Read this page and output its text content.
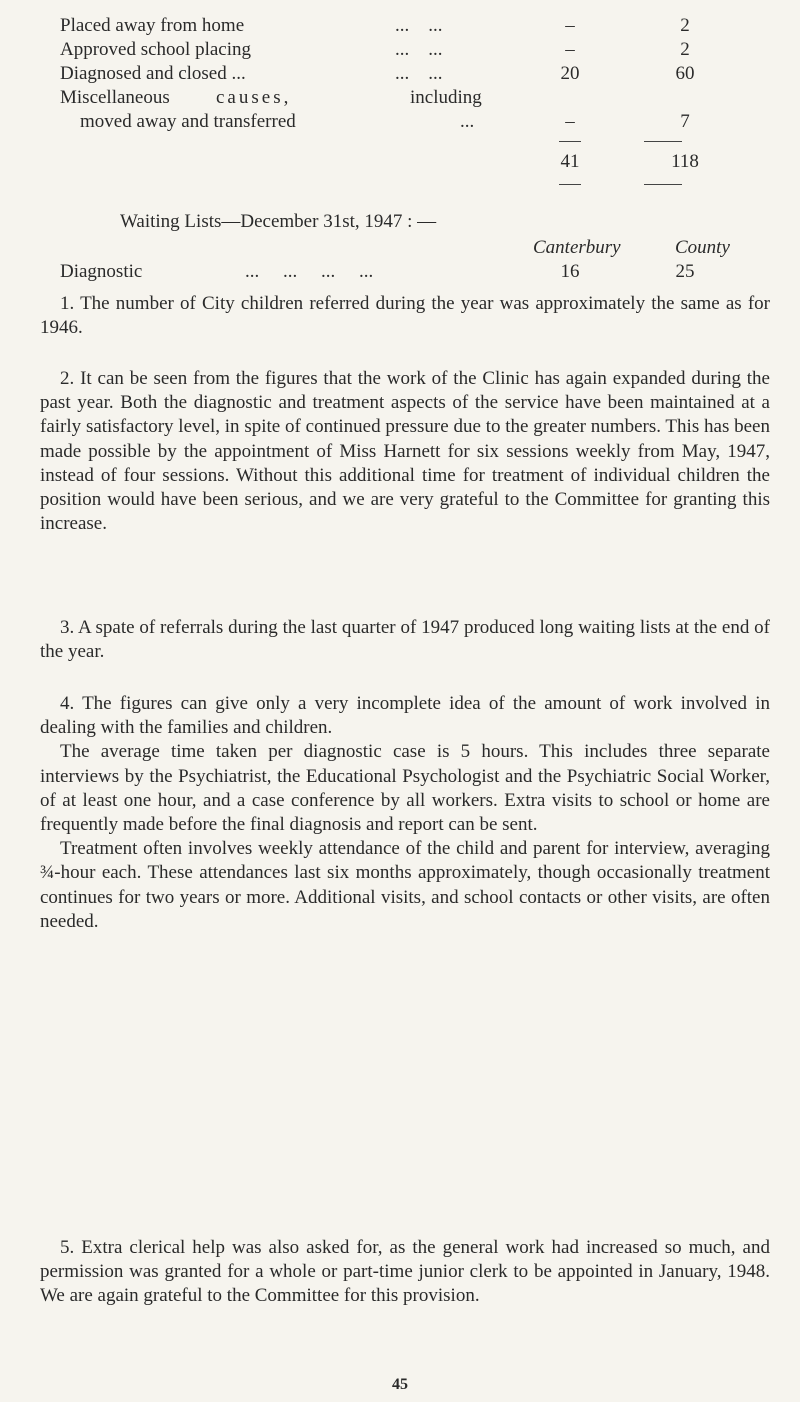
Placed away from home	...    ...	–	2
Approved school placing	...    ...	–	2
Diagnosed and closed ...	...    ...	20	60
Miscellaneous causes,	including
moved away and transferred	...	–	7
41	118
Waiting Lists—December 31st, 1947 : —
Canterbury	County
Diagnostic	...     ...     ...     ...	16	25

1. The number of City children referred during the year was approximately the same as for 1946.

2. It can be seen from the figures that the work of the Clinic has again expanded during the past year. Both the diagnostic and treatment aspects of the service have been maintained at a fairly satisfactory level, in spite of continued pressure due to the greater numbers. This has been made possible by the appointment of Miss Harnett for six sessions weekly from May, 1947, instead of four sessions. Without this additional time for treatment of individual children the position would have been serious, and we are very grateful to the Committee for granting this increase.

3. A spate of referrals during the last quarter of 1947 produced long waiting lists at the end of the year.

4. The figures can give only a very incomplete idea of the amount of work involved in dealing with the families and children.

The average time taken per diagnostic case is 5 hours. This includes three separate interviews by the Psychiatrist, the Educational Psychologist and the Psychiatric Social Worker, of at least one hour, and a case conference by all workers. Extra visits to school or home are frequently made before the final diagnosis and report can be sent.

Treatment often involves weekly attendance of the child and parent for interview, averaging ¾-hour each. These attendances last six months approximately, though occasionally treatment continues for two years or more. Additional visits, and school contacts or other visits, are often needed.

5. Extra clerical help was also asked for, as the general work had increased so much, and permission was granted for a whole or part-time junior clerk to be appointed in January, 1948. We are again grateful to the Committee for this provision.

45
